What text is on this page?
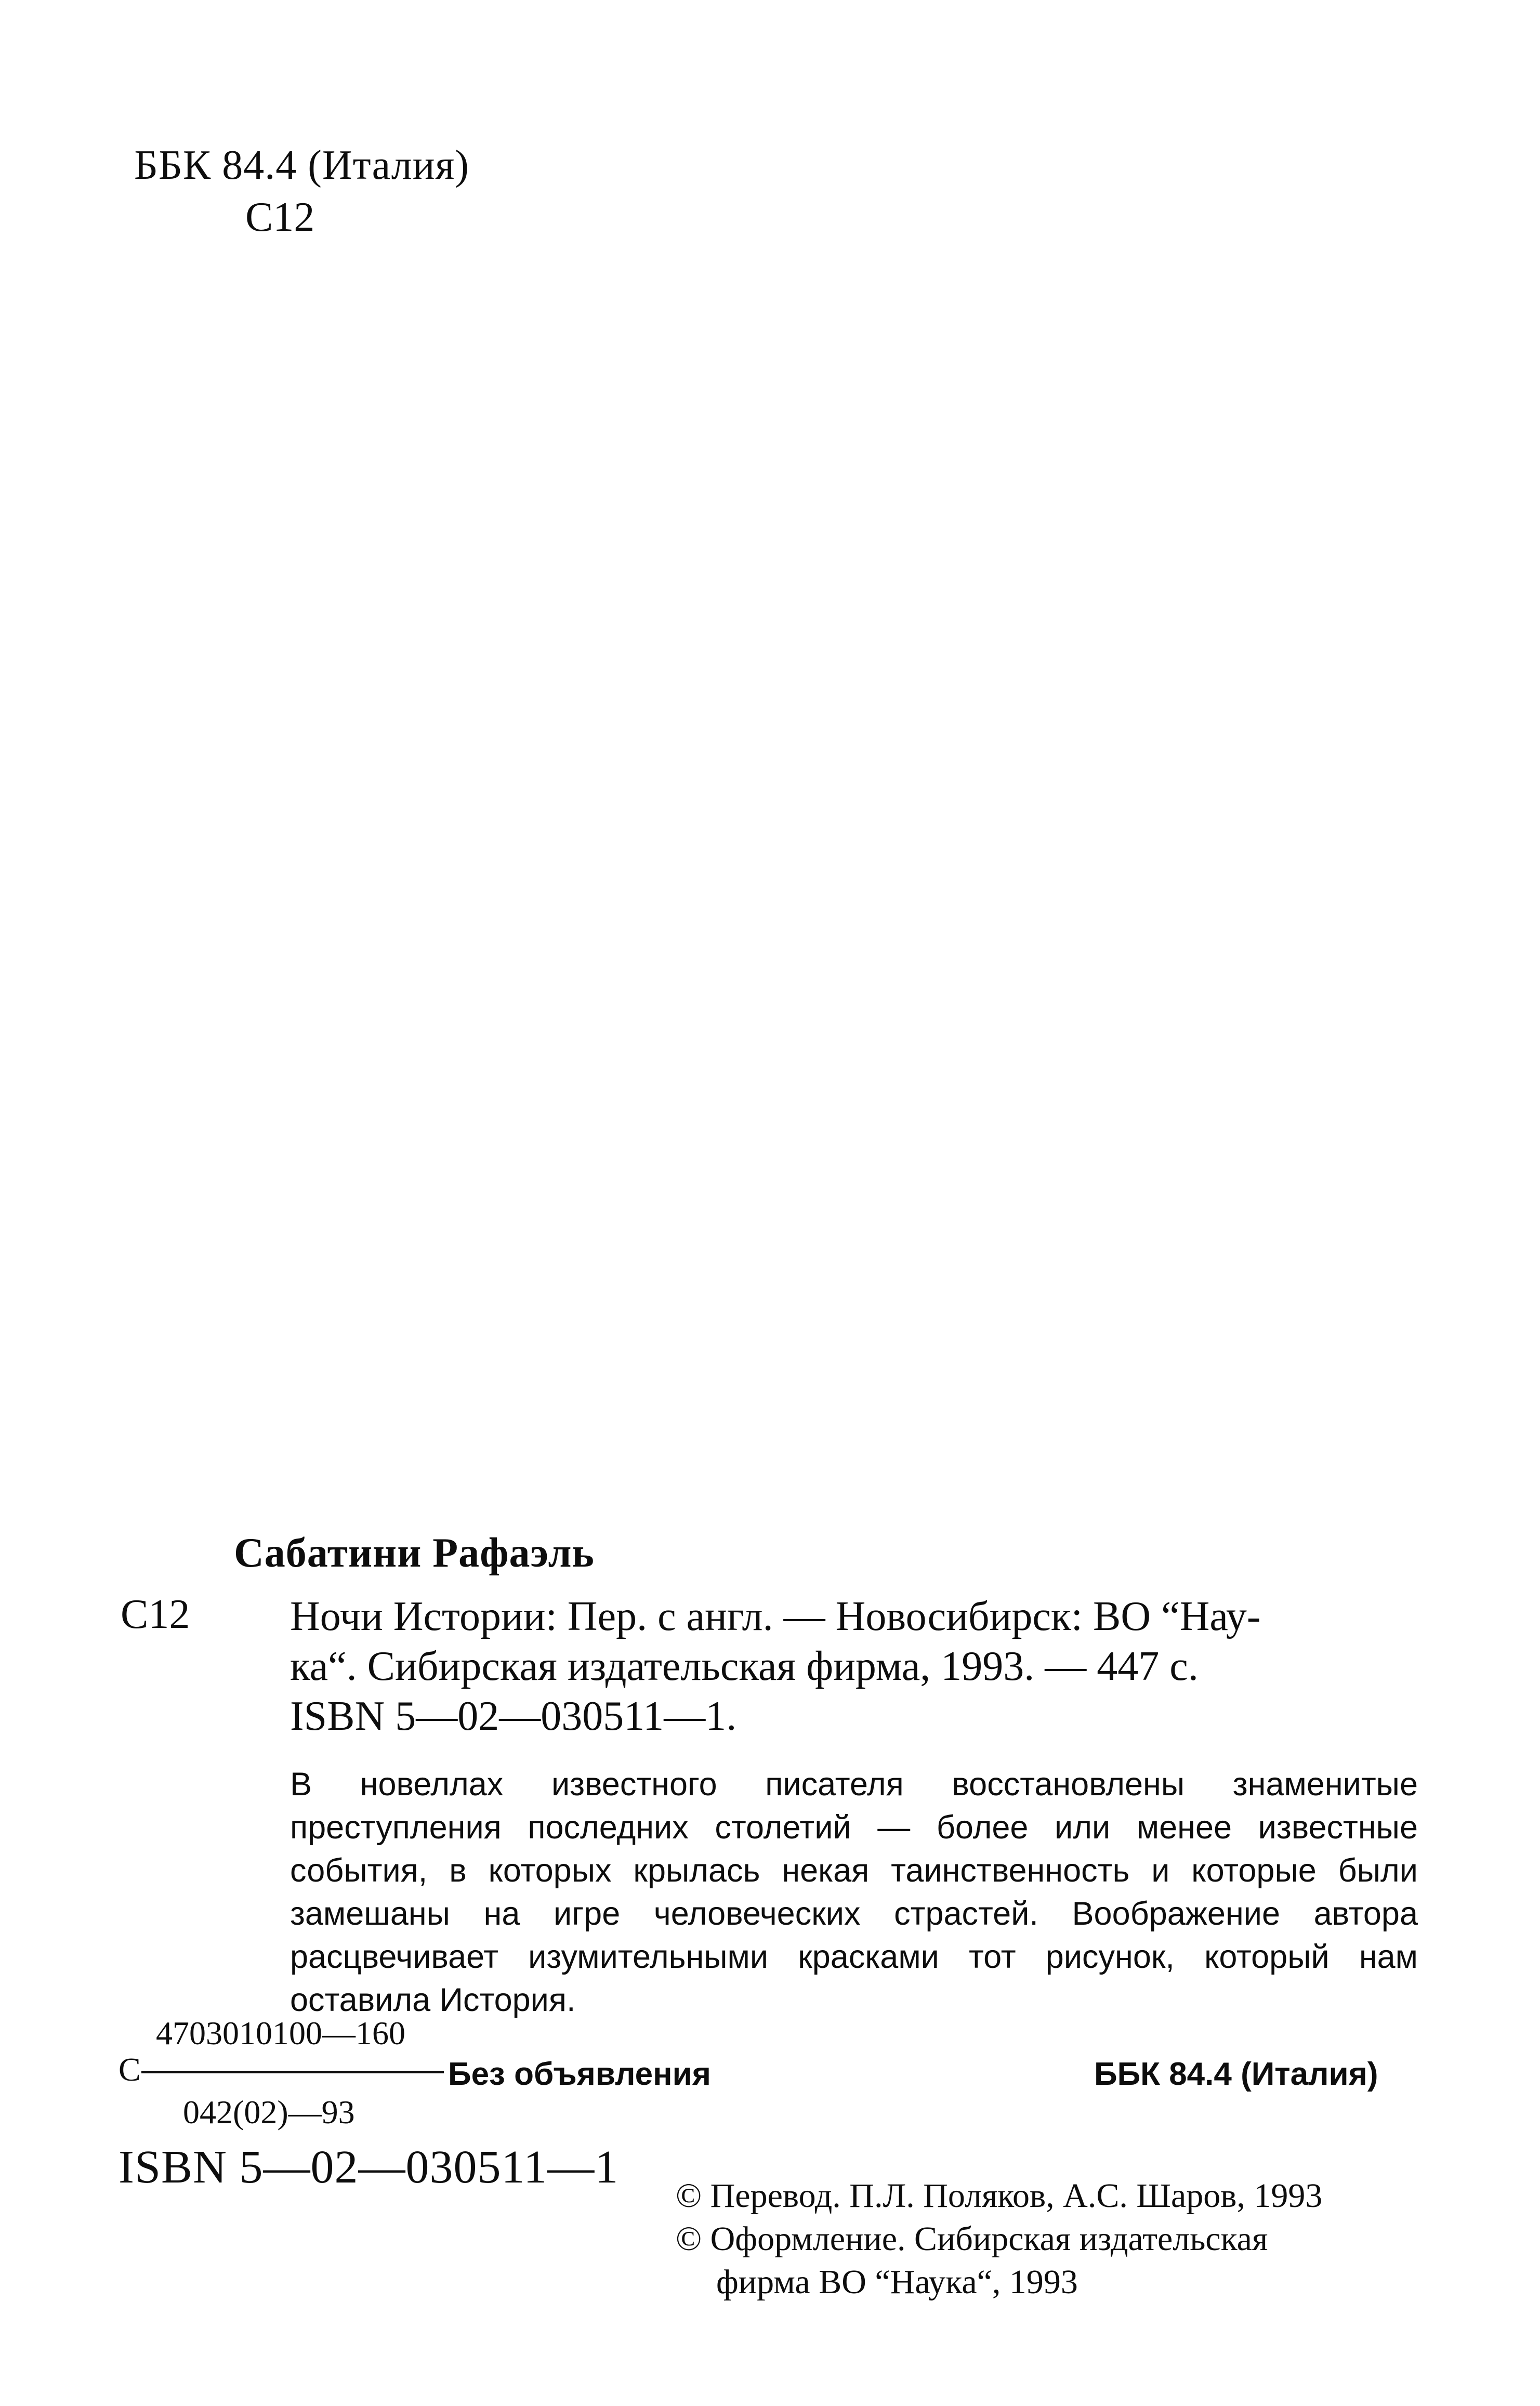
ББК 84.4 (Италия)
С12
Сабатини Рафаэль
С12 Ночи Истории: Пер. с англ. — Новосибирск: ВО “Нау-
ка“. Сибирская издательская фирма, 1993. — 447 с.
ISBN 5—02—030511—1.
В новеллах известного писателя восстановлены знаменитые преступления последних столетий — более или менее известные события, в которых крылась некая таинственность и которые были замешаны на игре человеческих страстей. Воображение автора расцвечивает изумительными красками тот рисунок, который нам оставила История.
4703010100—160
С
042(02)—93
Без объявления	ББК 84.4 (Италия)
ISBN 5—02—030511—1
© Перевод. П.Л. Поляков, А.С. Шаров, 1993
© Оформление. Сибирская издательская
фирма ВО “Наука“, 1993
